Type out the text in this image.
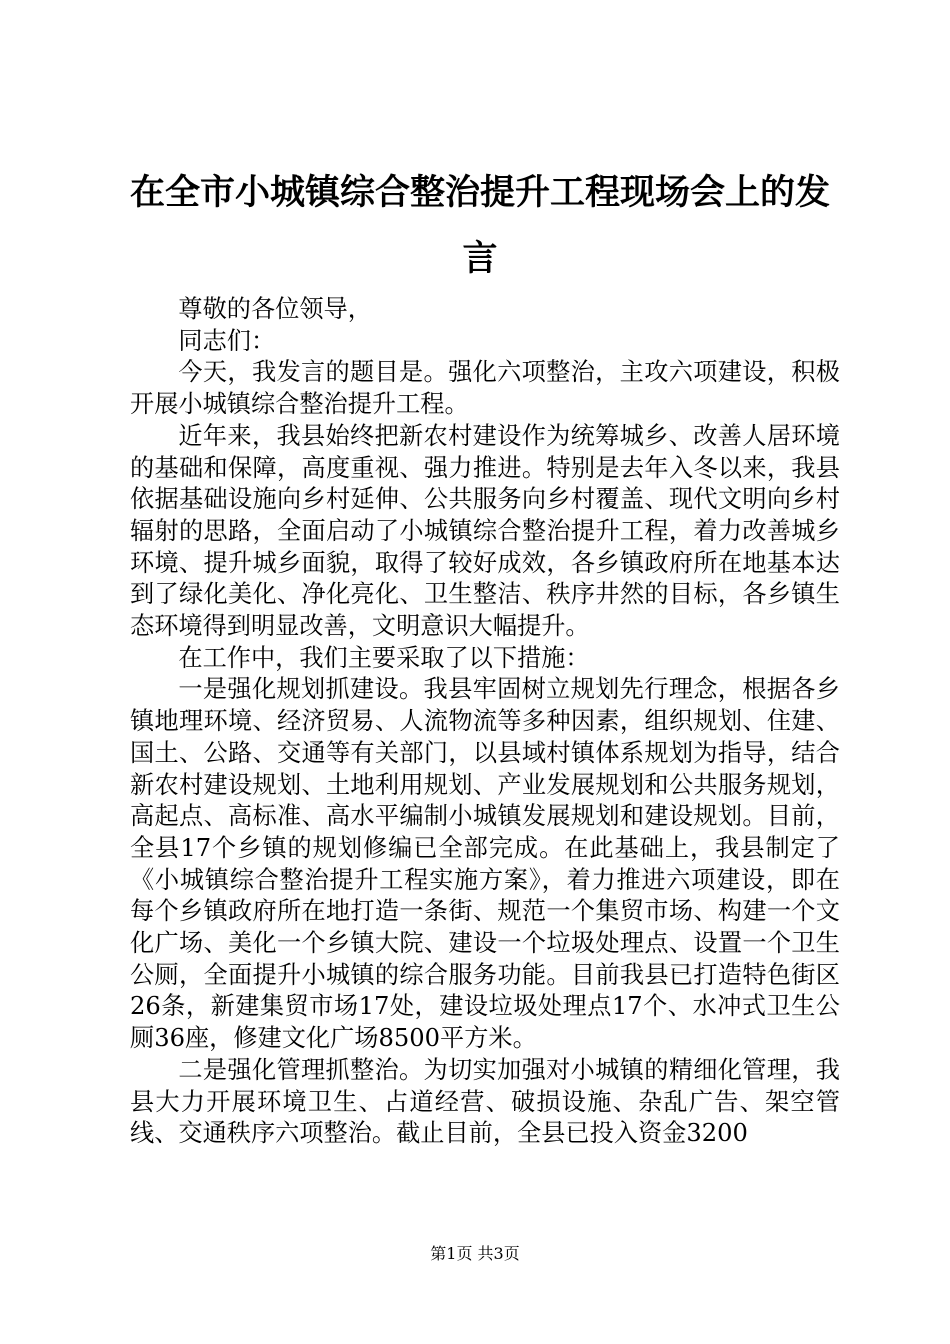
在全市小城镇综合整治提升工程现场会上的发言

尊敬的各位领导，

同志们：

今天，我发言的题目是。强化六项整治，主攻六项建设，积极开展小城镇综合整治提升工程。

近年来，我县始终把新农村建设作为统筹城乡、改善人居环境的基础和保障，高度重视、强力推进。特别是去年入冬以来，我县依据基础设施向乡村延伸、公共服务向乡村覆盖、现代文明向乡村辐射的思路，全面启动了小城镇综合整治提升工程，着力改善城乡环境、提升城乡面貌，取得了较好成效，各乡镇政府所在地基本达到了绿化美化、净化亮化、卫生整洁、秩序井然的目标，各乡镇生态环境得到明显改善，文明意识大幅提升。

在工作中，我们主要采取了以下措施：

一是强化规划抓建设。我县牢固树立规划先行理念，根据各乡镇地理环境、经济贸易、人流物流等多种因素，组织规划、住建、国土、公路、交通等有关部门，以县域村镇体系规划为指导，结合新农村建设规划、土地利用规划、产业发展规划和公共服务规划，高起点、高标准、高水平编制小城镇发展规划和建设规划。目前，全县17个乡镇的规划修编已全部完成。在此基础上，我县制定了《小城镇综合整治提升工程实施方案》，着力推进六项建设，即在每个乡镇政府所在地打造一条街、规范一个集贸市场、构建一个文化广场、美化一个乡镇大院、建设一个垃圾处理点、设置一个卫生公厕，全面提升小城镇的综合服务功能。目前我县已打造特色街区26条，新建集贸市场17处，建设垃圾处理点17个、水冲式卫生公厕36座，修建文化广场8500平方米。

二是强化管理抓整治。为切实加强对小城镇的精细化管理，我县大力开展环境卫生、占道经营、破损设施、杂乱广告、架空管线、交通秩序六项整治。截止目前，全县已投入资金3200

第1页 共3页
